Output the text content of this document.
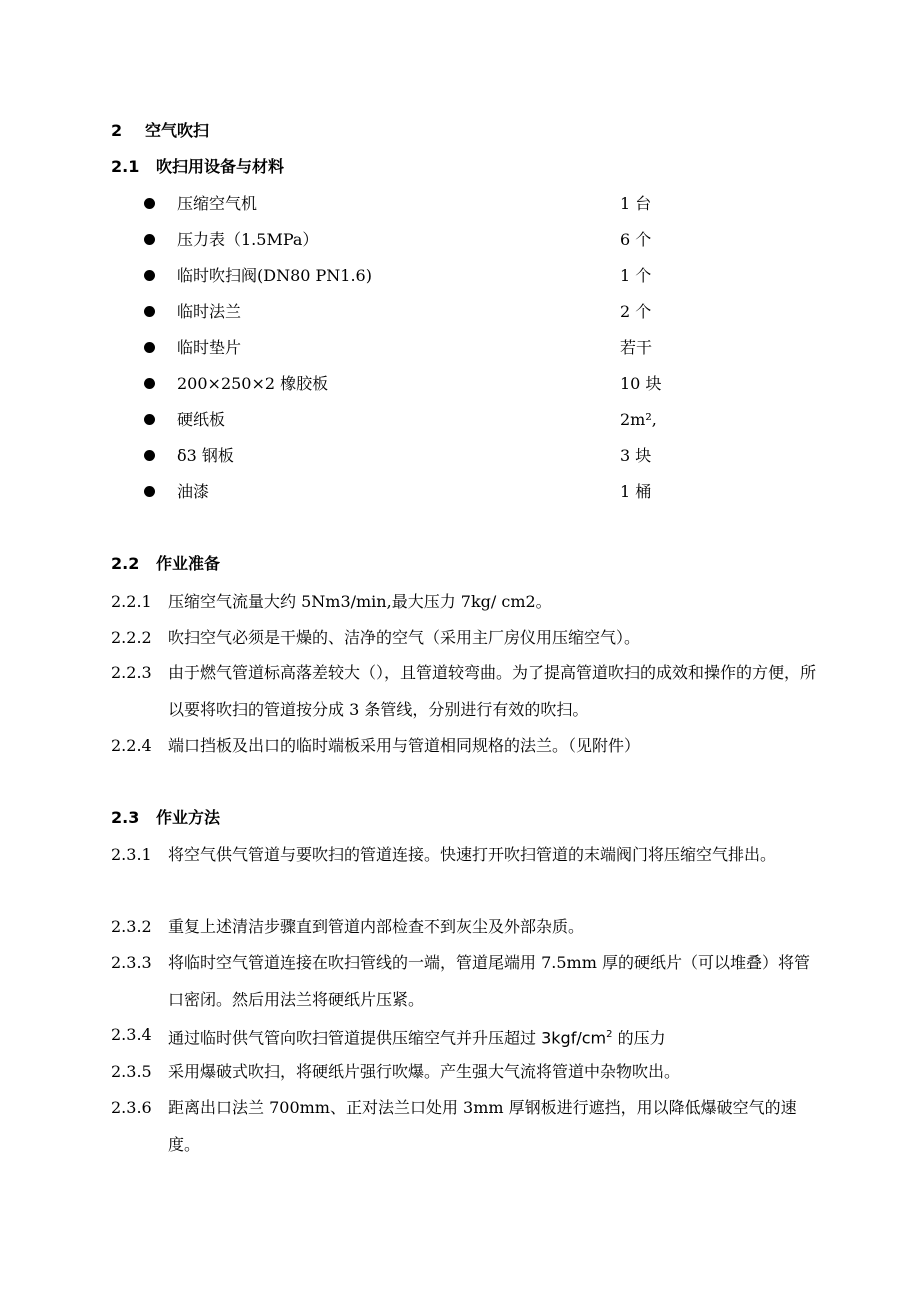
2 空气吹扫
2.1 吹扫用设备与材料
压缩空气机	1 台
压力表（1.5MPa）	6 个
临时吹扫阀(DN80 PN1.6)	1 个
临时法兰	2 个
临时垫片	若干
200×250×2 橡胶板	10 块
硬纸板	2m²,
δ3 钢板	3 块
油漆	1 桶
2.2 作业准备
2.2.1 压缩空气流量大约 5Nm3/min,最大压力 7kg/ cm2。
2.2.2 吹扫空气必须是干燥的、洁净的空气（采用主厂房仪用压缩空气）。
2.2.3 由于燃气管道标高落差较大（），且管道较弯曲。为了提高管道吹扫的成效和操作的方便，所以要将吹扫的管道按分成 3 条管线，分别进行有效的吹扫。
2.2.4 端口挡板及出口的临时端板采用与管道相同规格的法兰。（见附件）
2.3 作业方法
2.3.1 将空气供气管道与要吹扫的管道连接。快速打开吹扫管道的末端阀门将压缩空气排出。
2.3.2 重复上述清洁步骤直到管道内部检查不到灰尘及外部杂质。
2.3.3 将临时空气管道连接在吹扫管线的一端，管道尾端用 7.5mm 厚的硬纸片（可以堆叠）将管口密闭。然后用法兰将硬纸片压紧。
2.3.4 通过临时供气管向吹扫管道提供压缩空气并升压超过 $3kgf/cm^2$ 的压力
2.3.5 采用爆破式吹扫，将硬纸片强行吹爆。产生强大气流将管道中杂物吹出。
2.3.6 距离出口法兰 700mm、正对法兰口处用 3mm 厚钢板进行遮挡，用以降低爆破空气的速度。
